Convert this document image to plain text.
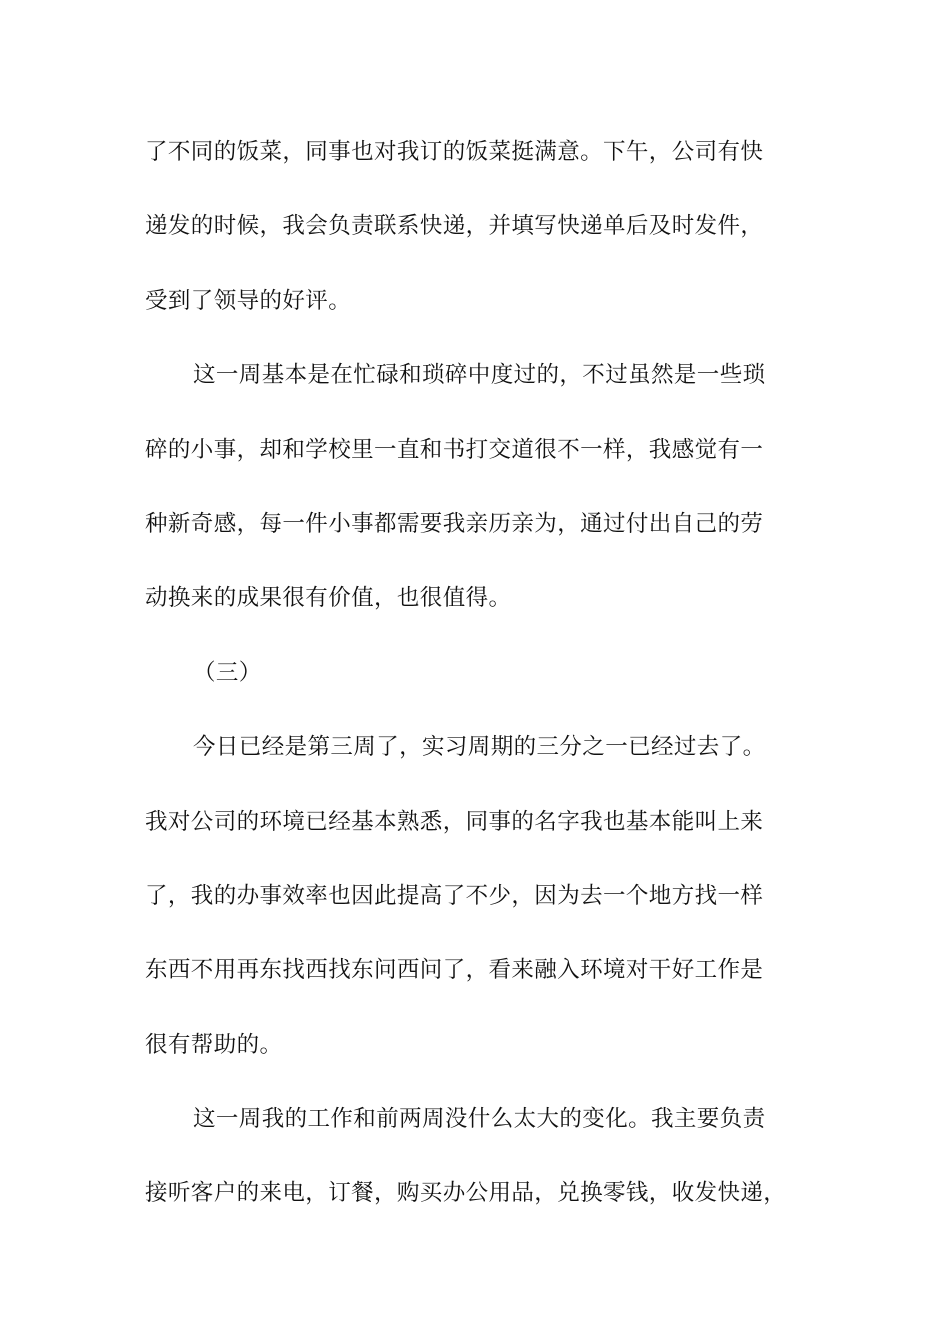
了不同的饭菜，同事也对我订的饭菜挺满意。下午，公司有快
递发的时候，我会负责联系快递，并填写快递单后及时发件，
受到了领导的好评。
这一周基本是在忙碌和琐碎中度过的，不过虽然是一些琐
碎的小事，却和学校里一直和书打交道很不一样，我感觉有一
种新奇感，每一件小事都需要我亲历亲为，通过付出自己的劳
动换来的成果很有价值，也很值得。
（三）
今日已经是第三周了，实习周期的三分之一已经过去了。
我对公司的环境已经基本熟悉，同事的名字我也基本能叫上来
了，我的办事效率也因此提高了不少，因为去一个地方找一样
东西不用再东找西找东问西问了，看来融入环境对干好工作是
很有帮助的。
这一周我的工作和前两周没什么太大的变化。我主要负责
接听客户的来电，订餐，购买办公用品，兑换零钱，收发快递，
